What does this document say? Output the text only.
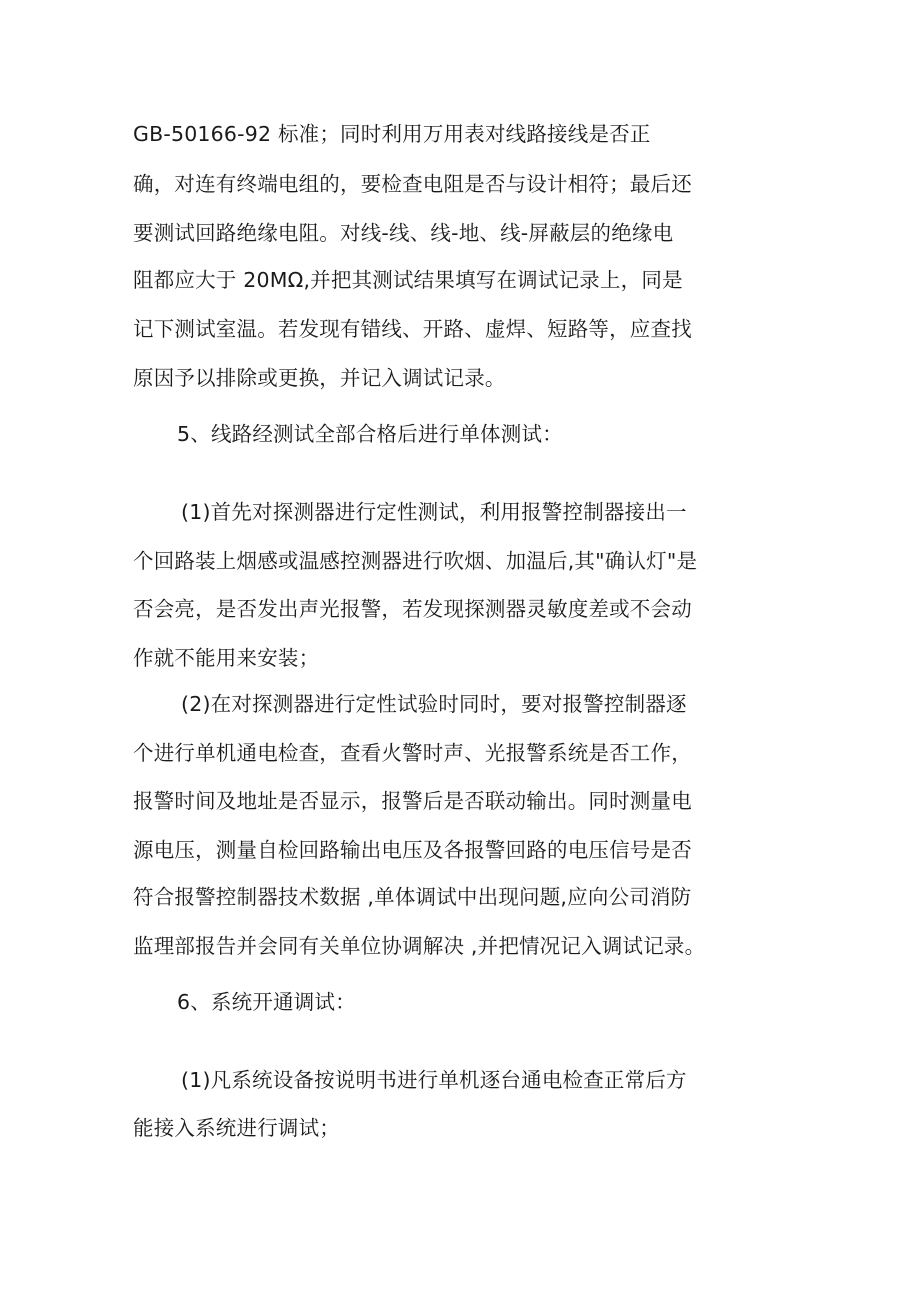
GB-50166-92 标准；同时利用万用表对线路接线是否正
确，对连有终端电组的，要检查电阻是否与设计相符；最后还
要测试回路绝缘电阻。对线-线、线-地、线-屏蔽层的绝缘电
阻都应大于 20MΩ,并把其测试结果填写在调试记录上，同是
记下测试室温。若发现有错线、开路、虚焊、短路等，应查找
原因予以排除或更换，并记入调试记录。
5、线路经测试全部合格后进行单体测试：
(1)首先对探测器进行定性测试，利用报警控制器接出一
个回路装上烟感或温感控测器进行吹烟、加温后,其"确认灯"是
否会亮，是否发出声光报警，若发现探测器灵敏度差或不会动
作就不能用来安装；
(2)在对探测器进行定性试验时同时，要对报警控制器逐
个进行单机通电检查，查看火警时声、光报警系统是否工作，
报警时间及地址是否显示，报警后是否联动输出。同时测量电
源电压，测量自检回路输出电压及各报警回路的电压信号是否
符合报警控制器技术数据 ,单体调试中出现问题,应向公司消防
监理部报告并会同有关单位协调解决 ,并把情况记入调试记录。
6、系统开通调试：
(1)凡系统设备按说明书进行单机逐台通电检查正常后方
能接入系统进行调试；
